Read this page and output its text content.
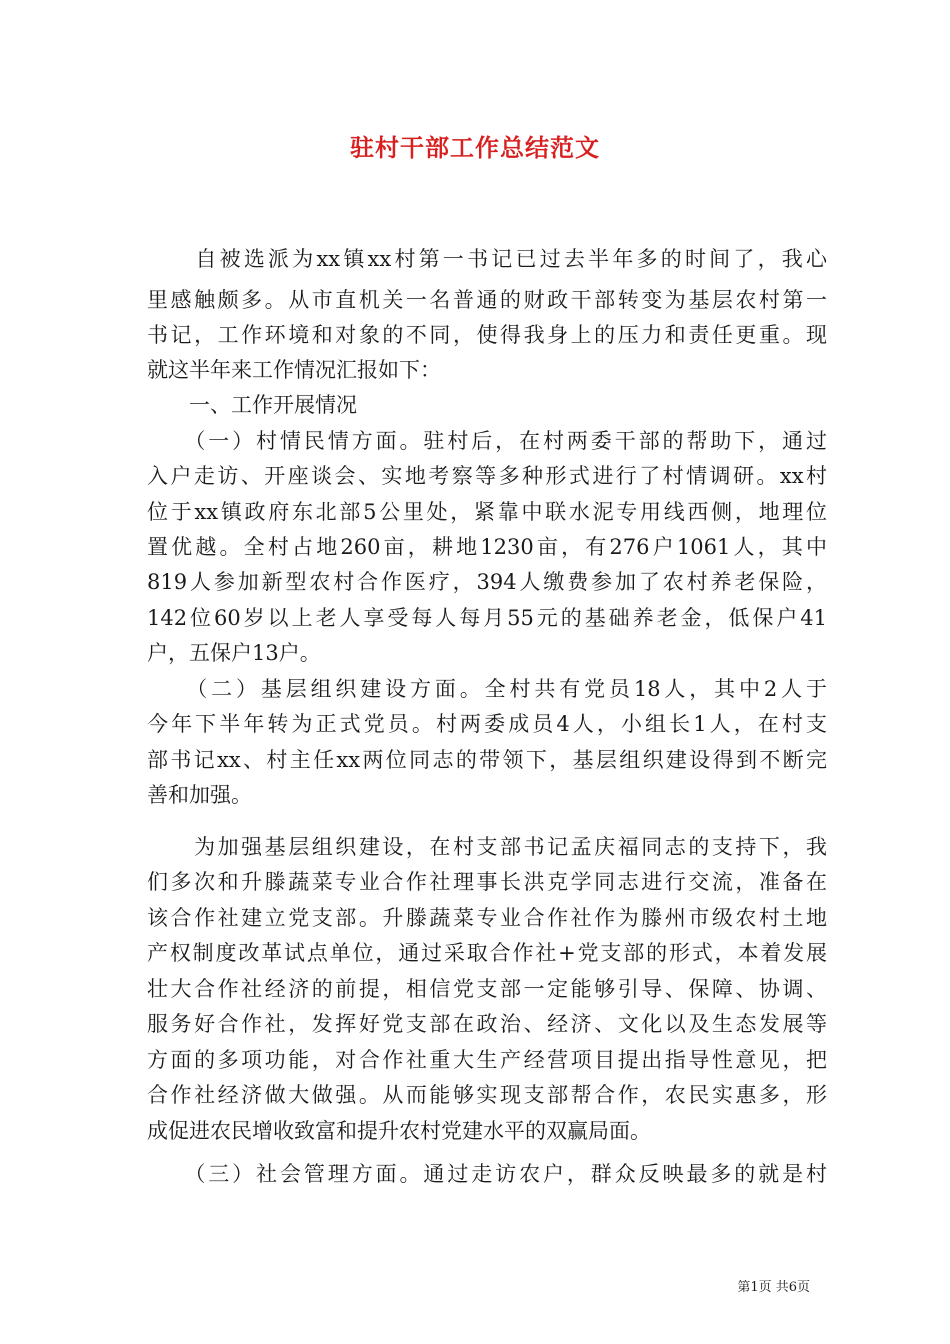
驻村干部工作总结范文
　　自被选派为xx镇xx村第一书记已过去半年多的时间了，我心
里感触颇多。从市直机关一名普通的财政干部转变为基层农村第一
书记，工作环境和对象的不同，使得我身上的压力和责任更重。现
就这半年来工作情况汇报如下：
　　一、工作开展情况
　　（一）村情民情方面。驻村后，在村两委干部的帮助下，通过
入户走访、开座谈会、实地考察等多种形式进行了村情调研。xx村
位于xx镇政府东北部5公里处，紧靠中联水泥专用线西侧，地理位
置优越。全村占地260亩，耕地1230亩，有276户1061人，其中
819人参加新型农村合作医疗，394人缴费参加了农村养老保险，
142位60岁以上老人享受每人每月55元的基础养老金，低保户41
户，五保户13户。
　　（二）基层组织建设方面。全村共有党员18人，其中2人于
今年下半年转为正式党员。村两委成员4人，小组长1人，在村支
部书记xx、村主任xx两位同志的带领下，基层组织建设得到不断完
善和加强。
　　为加强基层组织建设，在村支部书记孟庆福同志的支持下，我
们多次和升滕蔬菜专业合作社理事长洪克学同志进行交流，准备在
该合作社建立党支部。升滕蔬菜专业合作社作为滕州市级农村土地
产权制度改革试点单位，通过采取合作社+党支部的形式，本着发展
壮大合作社经济的前提，相信党支部一定能够引导、保障、协调、
服务好合作社，发挥好党支部在政治、经济、文化以及生态发展等
方面的多项功能，对合作社重大生产经营项目提出指导性意见，把
合作社经济做大做强。从而能够实现支部帮合作，农民实惠多，形
成促进农民增收致富和提升农村党建水平的双赢局面。
　　（三）社会管理方面。通过走访农户，群众反映最多的就是村
第1页 共6页
